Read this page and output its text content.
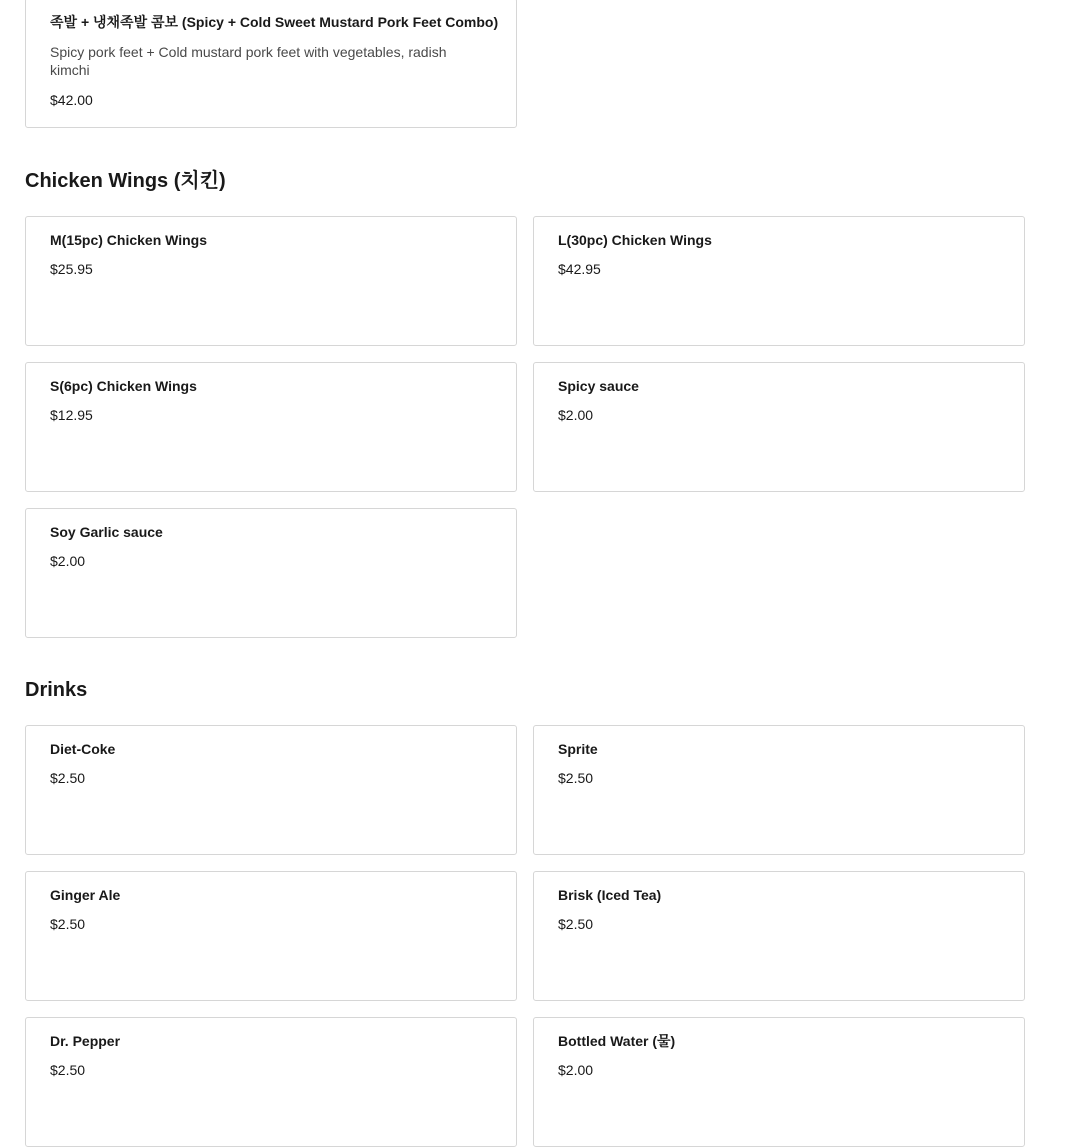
족발 + 냉채족발 콤보 (Spicy + Cold Sweet Mustard Pork Feet Combo)
Spicy pork feet + Cold mustard pork feet with vegetables, radish kimchi
$42.00
Chicken Wings (치킨)
M(15pc) Chicken Wings
$25.95
L(30pc) Chicken Wings
$42.95
S(6pc) Chicken Wings
$12.95
Spicy sauce
$2.00
Soy Garlic sauce
$2.00
Drinks
Diet-Coke
$2.50
Sprite
$2.50
Ginger Ale
$2.50
Brisk (Iced Tea)
$2.50
Dr. Pepper
$2.50
Bottled Water (물)
$2.00
